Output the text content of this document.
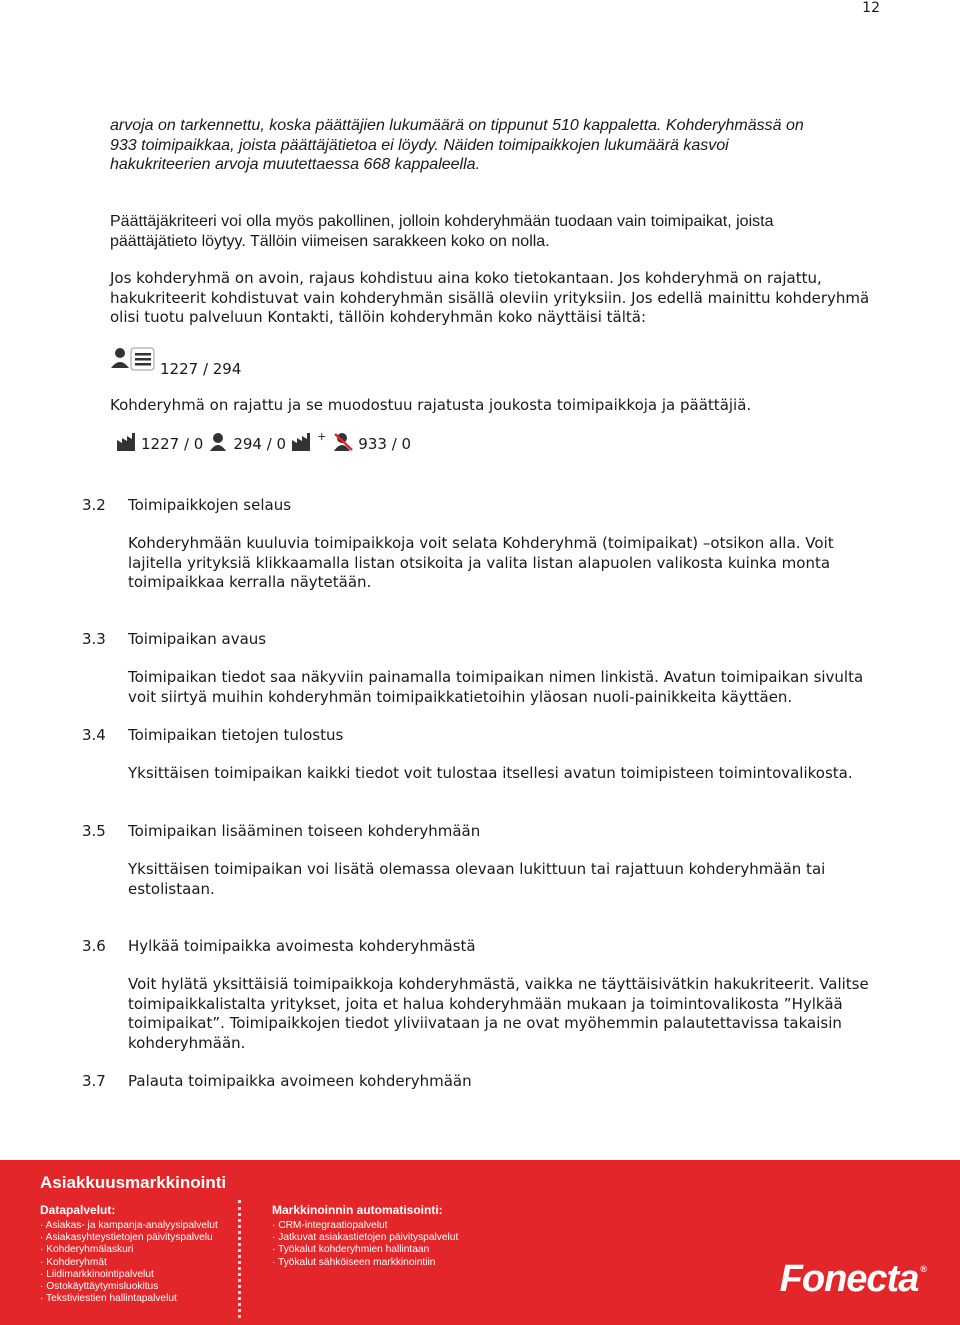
12

arvoja on tarkennettu, koska päättäjien lukumäärä on tippunut 510 kappaletta. Kohderyhmässä on
933 toimipaikkaa, joista päättäjätietoa ei löydy. Näiden toimipaikkojen lukumäärä kasvoi
hakukriteerien arvoja muutettaessa 668 kappaleella.

Päättäjäkriteeri voi olla myös pakollinen, jolloin kohderyhmään tuodaan vain toimipaikat, joista
päättäjätieto löytyy. Tällöin viimeisen sarakkeen koko on nolla.

Jos kohderyhmä on avoin, rajaus kohdistuu aina koko tietokantaan. Jos kohderyhmä on rajattu,
hakukriteerit kohdistuvat vain kohderyhmän sisällä oleviin yrityksiin. Jos edellä mainittu kohderyhmä
olisi tuotu palveluun Kontakti, tällöin kohderyhmän koko näyttäisi tältä:

1227 / 294

Kohderyhmä on rajattu ja se muodostuu rajatusta joukosta toimipaikkoja ja päättäjiä.

1227 / 0 294 / 0	+ 933 / 0
3.2 Toimipaikkojen selaus

Kohderyhmään kuuluvia toimipaikkoja voit selata Kohderyhmä (toimipaikat) –otsikon alla. Voit
lajitella yrityksiä klikkaamalla listan otsikoita ja valita listan alapuolen valikosta kuinka monta
toimipaikkaa kerralla näytetään.

3.3 Toimipaikan avaus

Toimipaikan tiedot saa näkyviin painamalla toimipaikan nimen linkistä. Avatun toimipaikan sivulta
voit siirtyä muihin kohderyhmän toimipaikkatietoihin yläosan nuoli-painikkeita käyttäen.

3.4 Toimipaikan tietojen tulostus

Yksittäisen toimipaikan kaikki tiedot voit tulostaa itsellesi avatun toimipisteen toimintovalikosta.

3.5 Toimipaikan lisääminen toiseen kohderyhmään

Yksittäisen toimipaikan voi lisätä olemassa olevaan lukittuun tai rajattuun kohderyhmään tai
estolistaan.

3.6 Hylkää toimipaikka avoimesta kohderyhmästä

Voit hylätä yksittäisiä toimipaikkoja kohderyhmästä, vaikka ne täyttäisivätkin hakukriteerit. Valitse
toimipaikkalistalta yritykset, joita et halua kohderyhmään mukaan ja toimintovalikosta ”Hylkää
toimipaikat”. Toimipaikkojen tiedot yliviivataan ja ne ovat myöhemmin palautettavissa takaisin
kohderyhmään.

3.7 Palauta toimipaikka avoimeen kohderyhmään
Asiakkuusmarkkinointi
Datapalvelut:
· Asiakas- ja kampanja-analyysipalvelut
· Asiakasyhteystietojen päivityspalvelu
· Kohderyhmälaskuri
· Kohderyhmät
· Liidimarkkinointipalvelut
· Ostokäyttäytymisluokitus
· Tekstiviestien hallintapalvelut
Markkinoinnin automatisointi:
· CRM-integraatiopalvelut
· Jatkuvat asiakastietojen päivityspalvelut
· Työkalut kohderyhmien hallintaan
· Työkalut sähköiseen markkinointiin	Fonecta ®
